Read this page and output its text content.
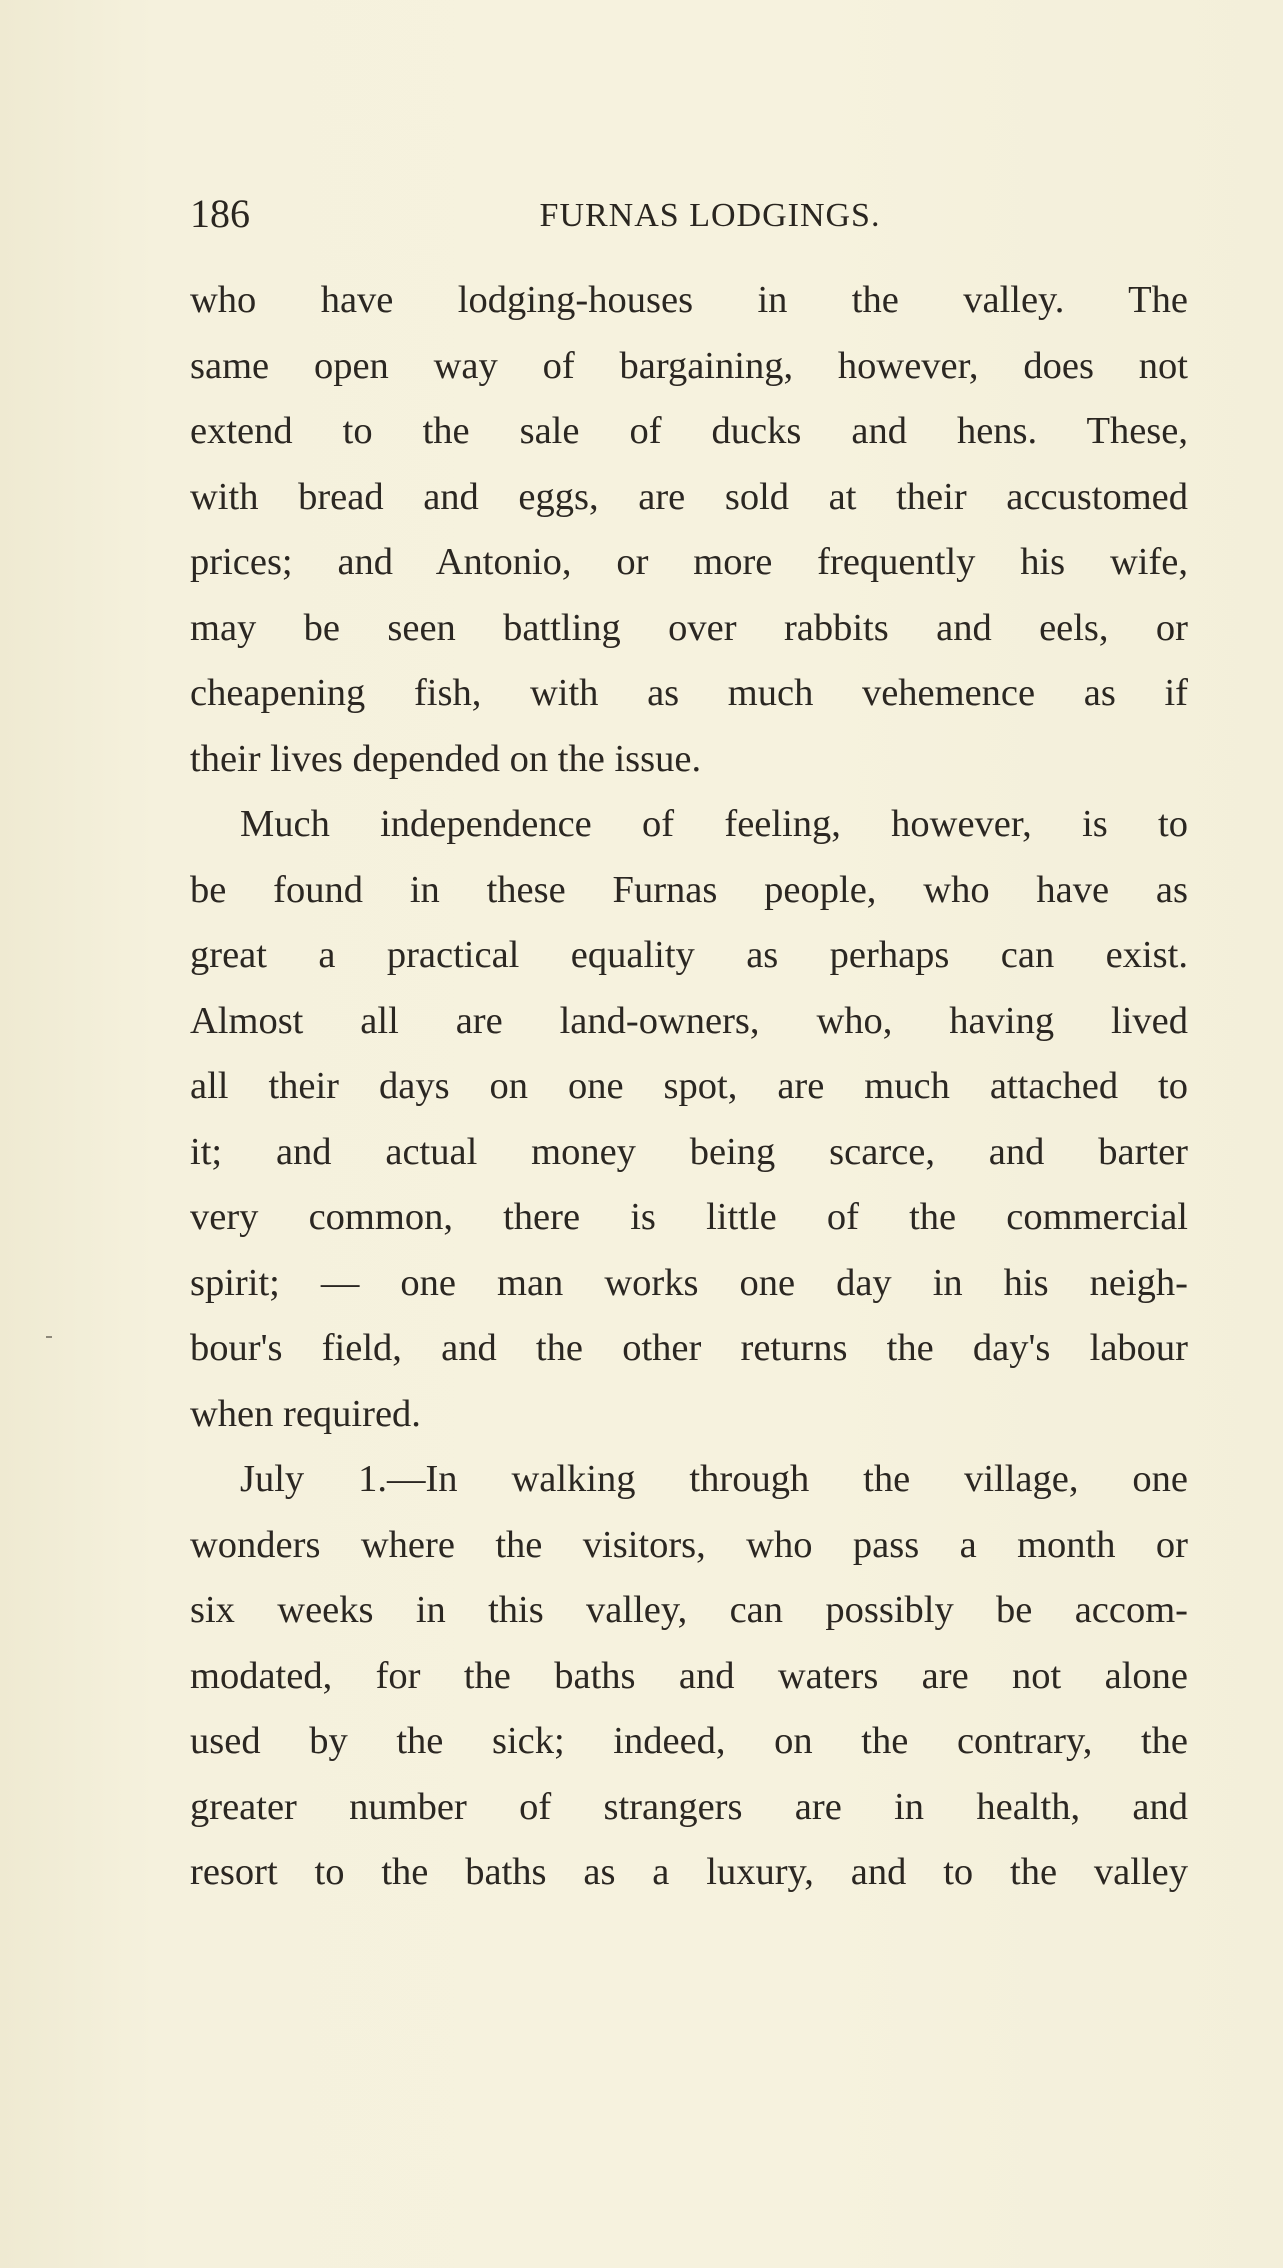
186	FURNAS LODGINGS.
who have lodging-houses in the valley. The
same open way of bargaining, however, does not
extend to the sale of ducks and hens. These,
with bread and eggs, are sold at their accustomed
prices; and Antonio, or more frequently his wife,
may be seen battling over rabbits and eels, or
cheapening fish, with as much vehemence as if
their lives depended on the issue.
Much independence of feeling, however, is to
be found in these Furnas people, who have as
great a practical equality as perhaps can exist.
Almost all are land-owners, who, having lived
all their days on one spot, are much attached to
it; and actual money being scarce, and barter
very common, there is little of the commercial
spirit; — one man works one day in his neigh-
bour's field, and the other returns the day's labour
when required.
July 1.—In walking through the village, one
wonders where the visitors, who pass a month or
six weeks in this valley, can possibly be accom-
modated, for the baths and waters are not alone
used by the sick; indeed, on the contrary, the
greater number of strangers are in health, and
resort to the baths as a luxury, and to the valley
